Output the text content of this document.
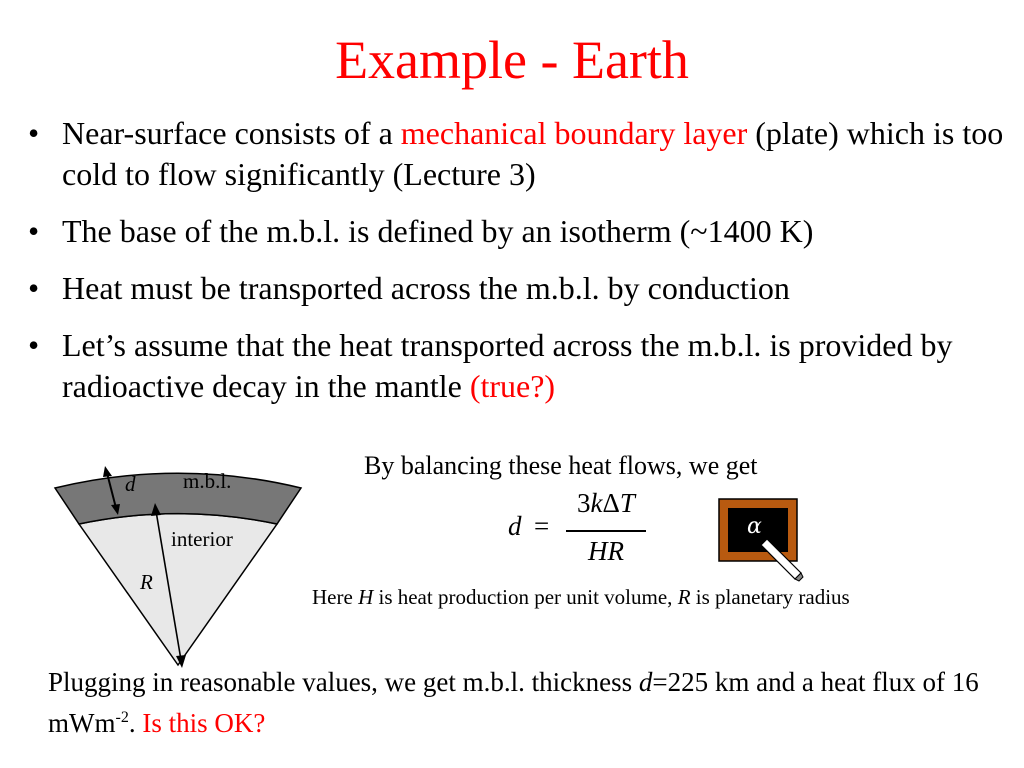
Example - Earth
• Near-surface consists of a mechanical boundary layer (plate) which is too cold to flow significantly (Lecture 3)
• The base of the m.b.l. is defined by an isotherm (~1400 K)
• Heat must be transported across the m.b.l. by conduction
• Let’s assume that the heat transported across the m.b.l. is provided by radioactive decay in the mantle (true?)
d m.b.l.
interior
R
By balancing these heat flows, we get
d =
3kΔT
HR
α
Here H is heat production per unit volume, R is planetary radius
Plugging in reasonable values, we get m.b.l. thickness d=225 km and a heat flux of 16 mWm$^{-2}$. Is this OK?
